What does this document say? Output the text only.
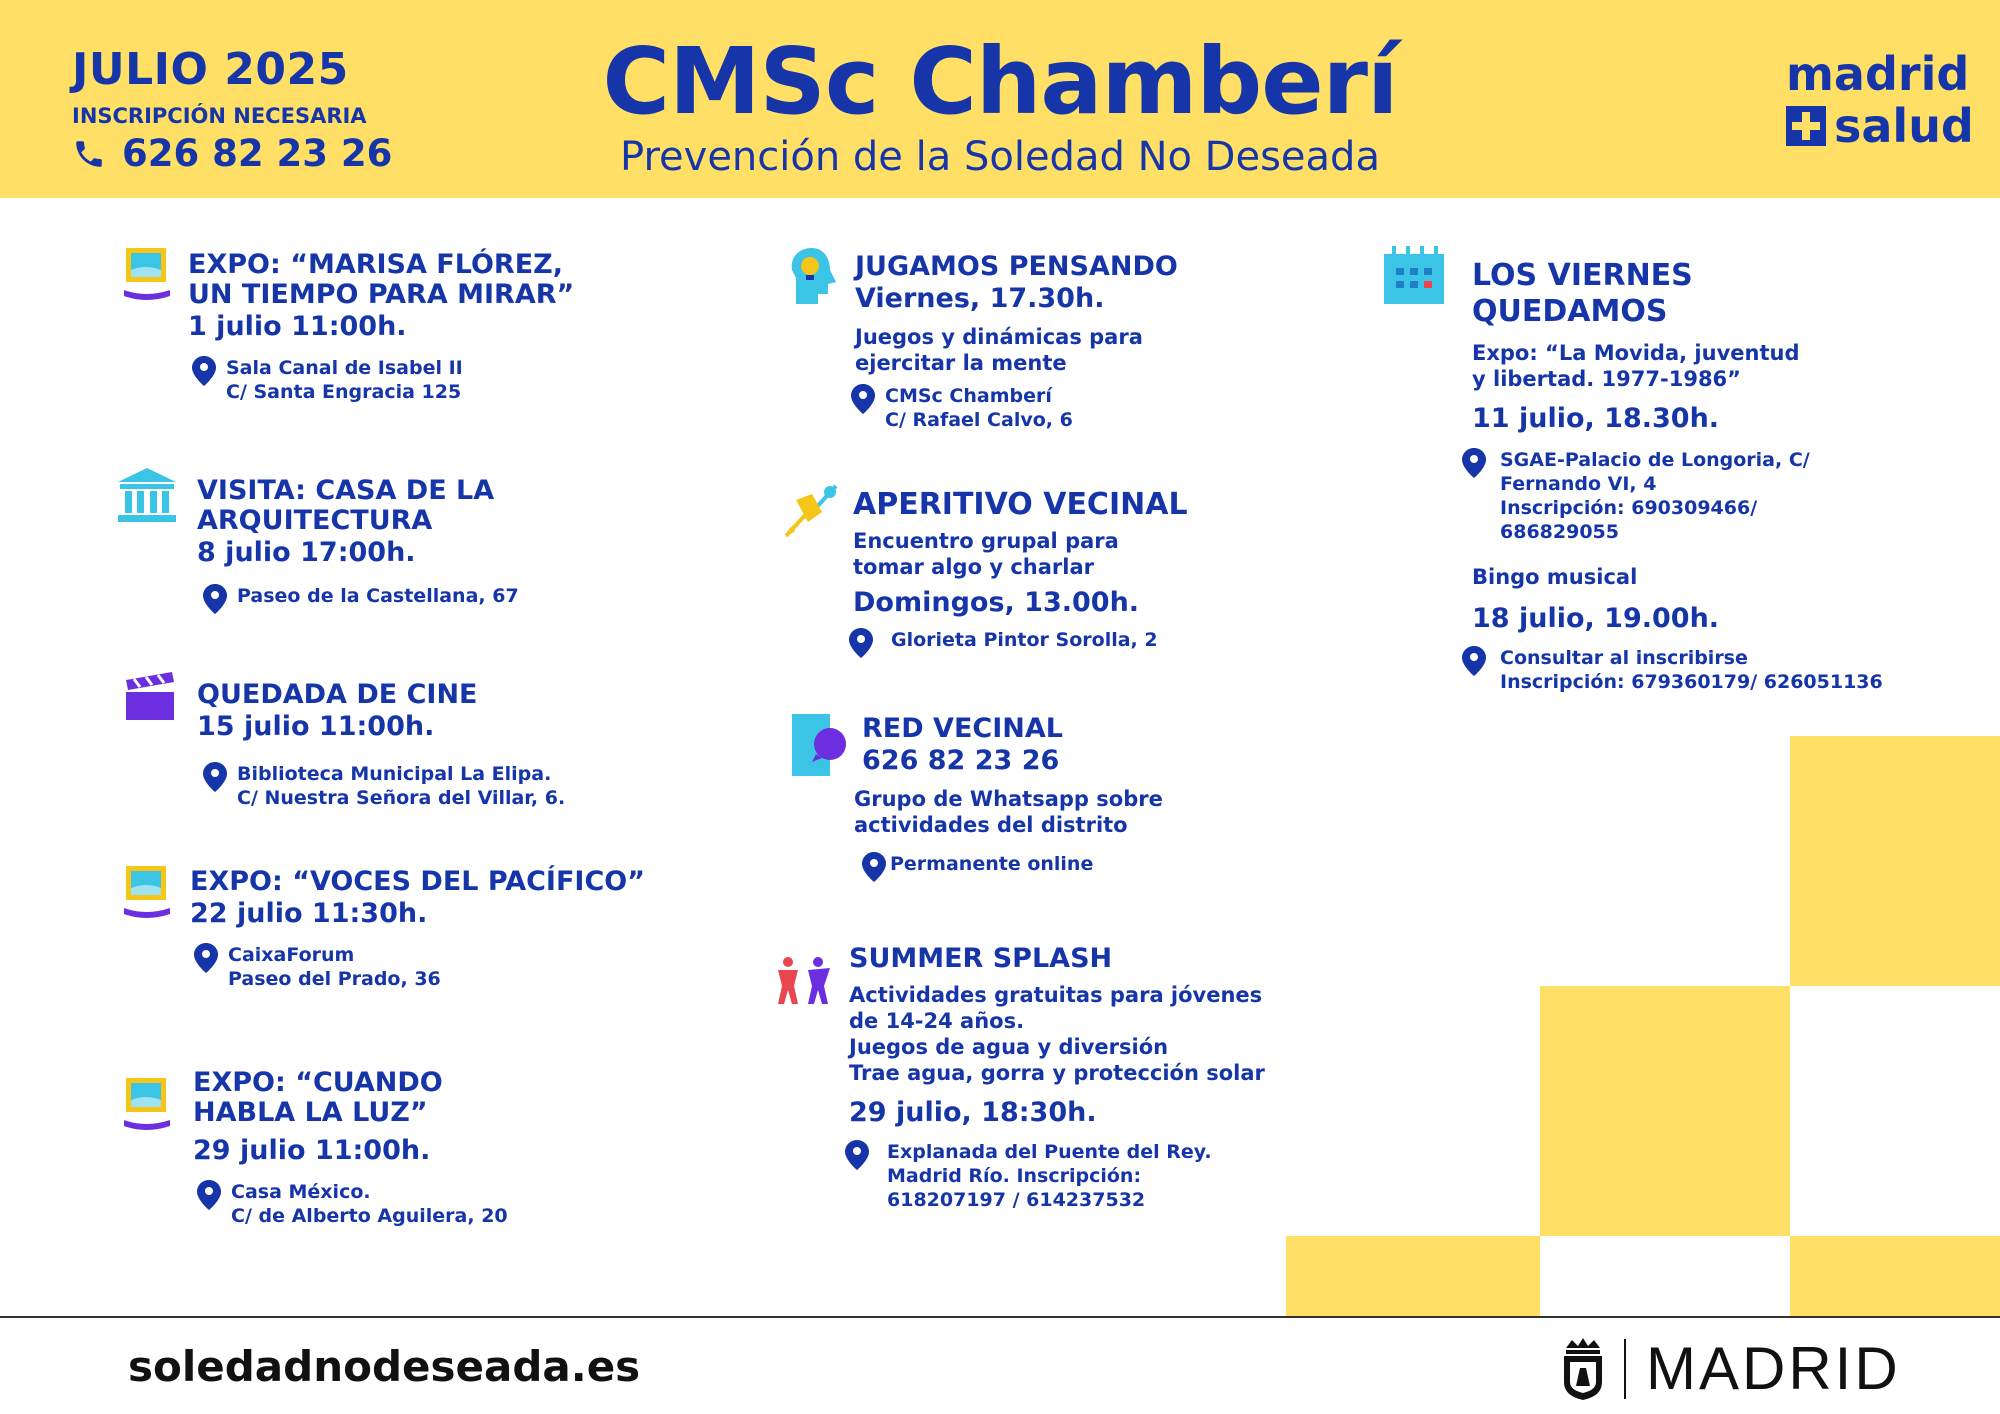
JULIO 2025
INSCRIPCIÓN NECESARIA
626 82 23 26
CMSc Chamberí
Prevención de la Soledad No Deseada
madrid
salud
EXPO: “MARISA FLÓREZ,
UN TIEMPO PARA MIRAR”
1 julio 11:00h.
Sala Canal de Isabel II
C/ Santa Engracia 125
VISITA: CASA DE LA
ARQUITECTURA
8 julio 17:00h.
Paseo de la Castellana, 67
QUEDADA DE CINE
15 julio 11:00h.
Biblioteca Municipal La Elipa.
C/ Nuestra Señora del Villar, 6.
EXPO: “VOCES DEL PACÍFICO”
22 julio 11:30h.
CaixaForum
Paseo del Prado, 36
EXPO: “CUANDO
HABLA LA LUZ”
29 julio 11:00h.
Casa México.
C/ de Alberto Aguilera, 20
JUGAMOS PENSANDO
Viernes, 17.30h.
Juegos y dinámicas para
ejercitar la mente
CMSc Chamberí
C/ Rafael Calvo, 6
APERITIVO VECINAL
Encuentro grupal para
tomar algo y charlar
Domingos, 13.00h.
Glorieta Pintor Sorolla, 2
RED VECINAL
626 82 23 26
Grupo de Whatsapp sobre
actividades del distrito
Permanente online
SUMMER SPLASH
Actividades gratuitas para jóvenes
de 14-24 años.
Juegos de agua y diversión
Trae agua, gorra y protección solar
29 julio, 18:30h.
Explanada del Puente del Rey.
Madrid Río. Inscripción:
618207197 / 614237532
LOS VIERNES
QUEDAMOS
Expo: “La Movida, juventud
y libertad. 1977-1986”
11 julio, 18.30h.
SGAE-Palacio de Longoria, C/
Fernando VI, 4
Inscripción: 690309466/
686829055
Bingo musical
18 julio, 19.00h.
Consultar al inscribirse
Inscripción: 679360179/ 626051136
soledadnodeseada.es	MADRID
